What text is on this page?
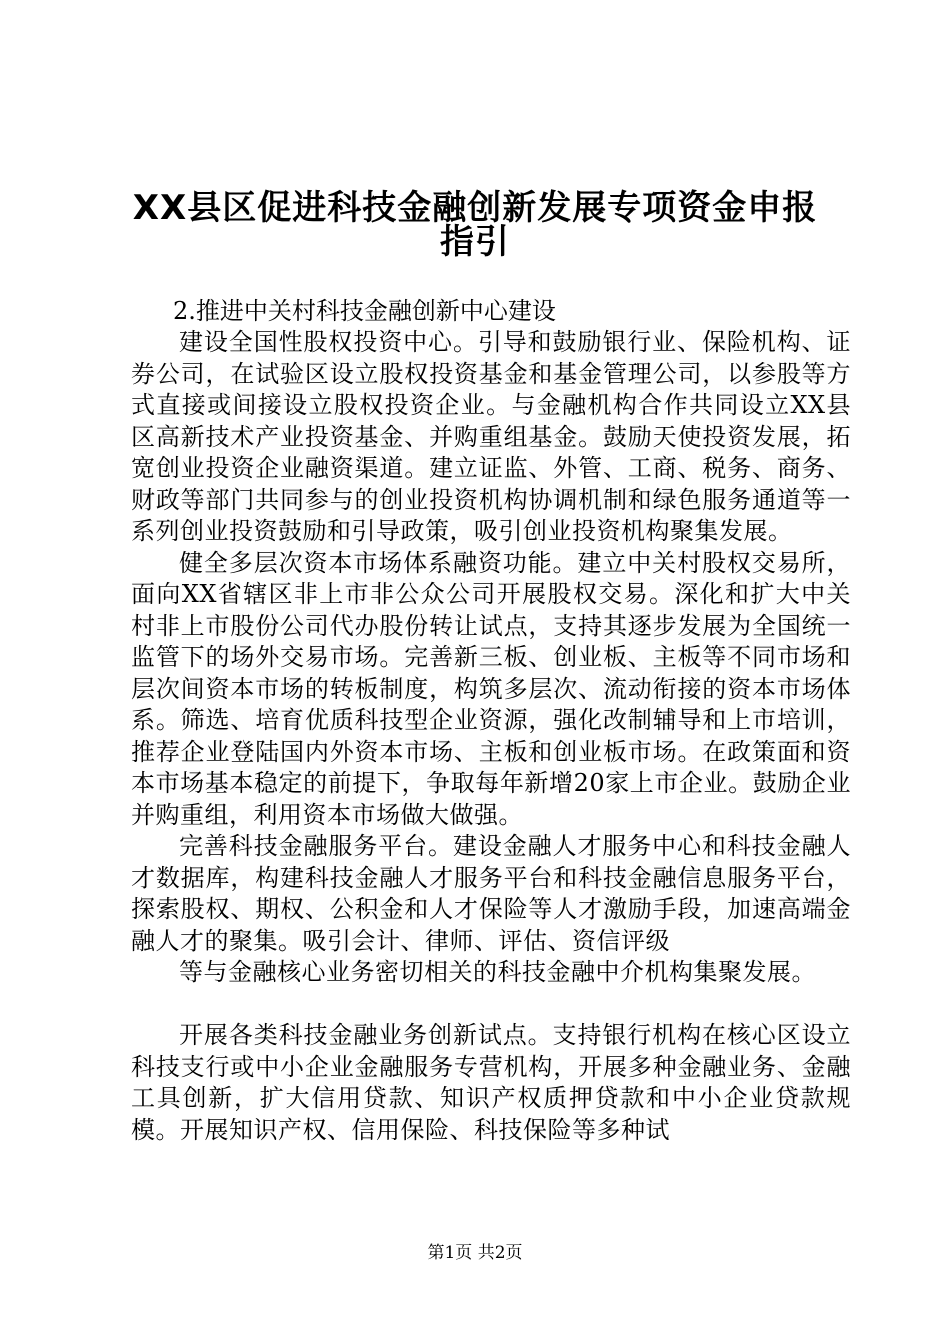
XX县区促进科技金融创新发展专项资金申报
指引
2.推进中关村科技金融创新中心建设

建设全国性股权投资中心。引导和鼓励银行业、保险机构、证券公司，在试验区设立股权投资基金和基金管理公司，以参股等方式直接或间接设立股权投资企业。与金融机构合作共同设立XX县区高新技术产业投资基金、并购重组基金。鼓励天使投资发展，拓宽创业投资企业融资渠道。建立证监、外管、工商、税务、商务、财政等部门共同参与的创业投资机构协调机制和绿色服务通道等一系列创业投资鼓励和引导政策，吸引创业投资机构聚集发展。

健全多层次资本市场体系融资功能。建立中关村股权交易所，面向XX省辖区非上市非公众公司开展股权交易。深化和扩大中关村非上市股份公司代办股份转让试点，支持其逐步发展为全国统一监管下的场外交易市场。完善新三板、创业板、主板等不同市场和层次间资本市场的转板制度，构筑多层次、流动衔接的资本市场体系。筛选、培育优质科技型企业资源，强化改制辅导和上市培训，推荐企业登陆国内外资本市场、主板和创业板市场。在政策面和资本市场基本稳定的前提下，争取每年新增20家上市企业。鼓励企业并购重组，利用资本市场做大做强。

完善科技金融服务平台。建设金融人才服务中心和科技金融人才数据库，构建科技金融人才服务平台和科技金融信息服务平台，探索股权、期权、公积金和人才保险等人才激励手段，加速高端金融人才的聚集。吸引会计、律师、评估、资信评级

等与金融核心业务密切相关的科技金融中介机构集聚发展。

开展各类科技金融业务创新试点。支持银行机构在核心区设立科技支行或中小企业金融服务专营机构，开展多种金融业务、金融工具创新，扩大信用贷款、知识产权质押贷款和中小企业贷款规模。开展知识产权、信用保险、科技保险等多种试

第1页 共2页
